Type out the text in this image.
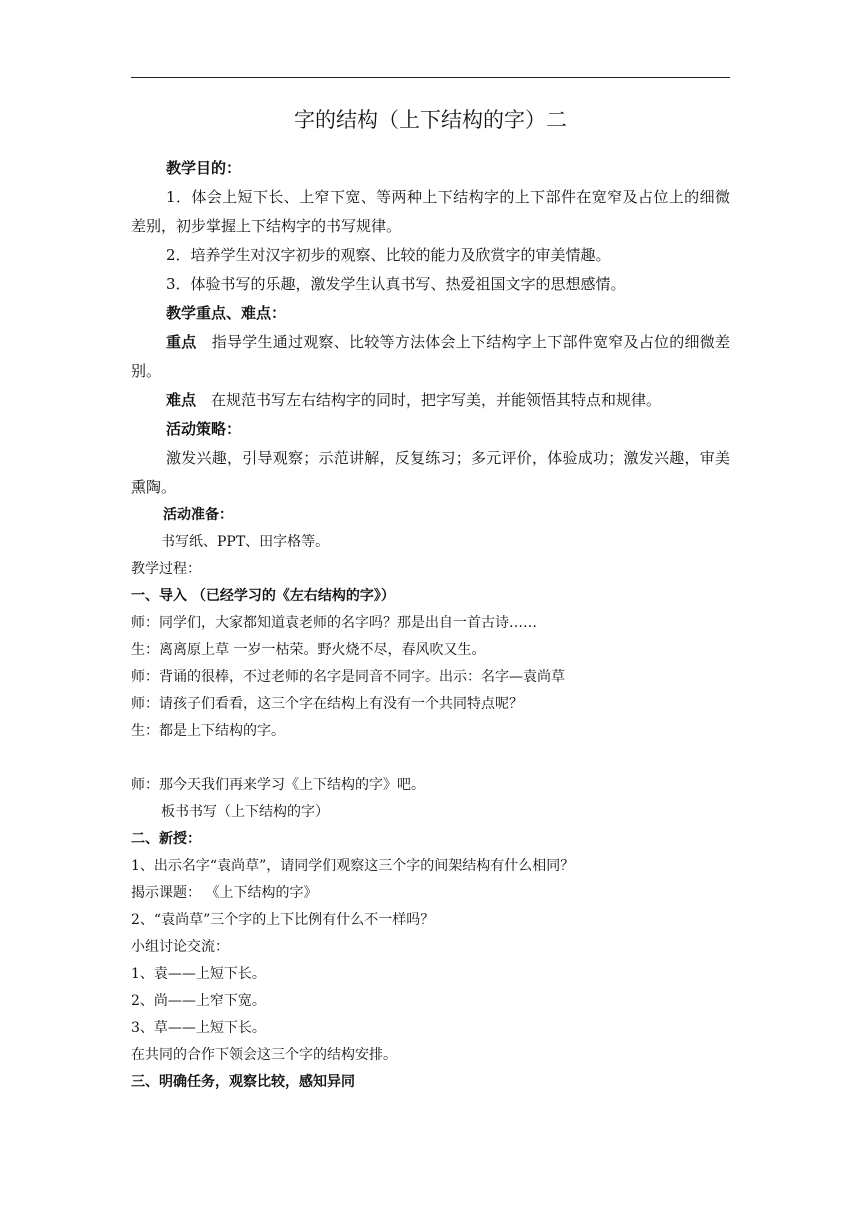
字的结构（上下结构的字）二

教学目的：

1．体会上短下长、上窄下宽、等两种上下结构字的上下部件在宽窄及占位上的细微差别，初步掌握上下结构字的书写规律。

2．培养学生对汉字初步的观察、比较的能力及欣赏字的审美情趣。

3．体验书写的乐趣，激发学生认真书写、热爱祖国文字的思想感情。

教学重点、难点：

重点　 指导学生通过观察、比较等方法体会上下结构字上下部件宽窄及占位的细微差别。

难点　 在规范书写左右结构字的同时，把字写美，并能领悟其特点和规律。

活动策略：

激发兴趣，引导观察；示范讲解，反复练习；多元评价，体验成功；激发兴趣，审美熏陶。

活动准备：

书写纸、PPT、田字格等。

教学过程：

一、导入 （已经学习的《左右结构的字》）

师：同学们，大家都知道袁老师的名字吗？那是出自一首古诗……

生：离离原上草 一岁一枯荣。野火烧不尽，春风吹又生。

师：背诵的很棒，不过老师的名字是同音不同字。出示：名字—袁尚草

师：请孩子们看看，这三个字在结构上有没有一个共同特点呢？

生：都是上下结构的字。

师：那今天我们再来学习《上下结构的字》吧。

板书书写（上下结构的字）

二、新授：

1、出示名字“袁尚草”，请同学们观察这三个字的间架结构有什么相同？

揭示课题： 《上下结构的字》

2、“袁尚草”三个字的上下比例有什么不一样吗？

小组讨论交流：

1、袁——上短下长。

2、尚——上窄下宽。

3、草——上短下长。

在共同的合作下领会这三个字的结构安排。

三、明确任务，观察比较，感知异同
